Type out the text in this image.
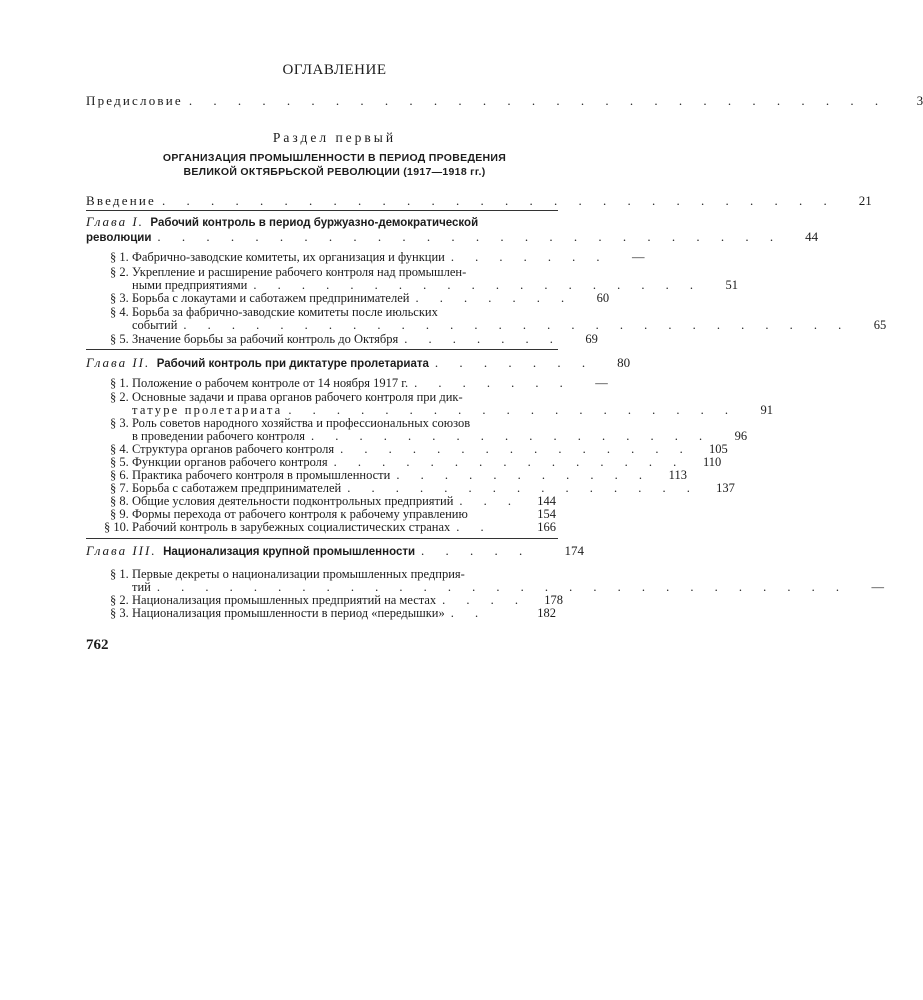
ОГЛАВЛЕНИЕ
Предисловие . . . . . . . . . . . . . . . . . . . . . . . . . . . . .	3
Раздел первый
ОРГАНИЗАЦИЯ ПРОМЫШЛЕННОСТИ В ПЕРИОД ПРОВЕДЕНИЯ
ВЕЛИКОЙ ОКТЯБРЬСКОЙ РЕВОЛЮЦИИ (1917—1918 гг.)
Введение . . . . . . . . . . . . . . . . . . . . . . . . . . . .	21
Глава I. Рабочий контроль в период буржуазно-демократической
революции . . . . . . . . . . . . . . . . . . . . . . . . . .	44
§ 1. Фабрично-заводские комитеты, их организация и функции . . . . . . .	—
§ 2. Укрепление и расширение рабочего контроля над промышлен-
ными предприятиями . . . . . . . . . . . . . . . . . . .	51
§ 3. Борьба с локаутами и саботажем предпринимателей . . . . . . .	60
§ 4. Борьба за фабрично-заводские комитеты после июльских
событий . . . . . . . . . . . . . . . . . . . . . . . . . . . .	65
§ 5. Значение борьбы за рабочий контроль до Октября . . . . . . .	69
Глава II. Рабочий контроль при диктатуре пролетариата . . . . . . .	80
§ 1. Положение о рабочем контроле от 14 ноября 1917 г. . . . . . . .	—
§ 2. Основные задачи и права органов рабочего контроля при дик-
татуре пролетариата . . . . . . . . . . . . . . . . . . .	91
§ 3. Роль советов народного хозяйства и профессиональных союзов
в проведении рабочего контроля . . . . . . . . . . . . . . . . .	96
§ 4. Структура органов рабочего контроля . . . . . . . . . . . . . . .	105
§ 5. Функции органов рабочего контроля . . . . . . . . . . . . . . .	110
§ 6. Практика рабочего контроля в промышленности . . . . . . . . . . .	113
§ 7. Борьба с саботажем предпринимателей . . . . . . . . . . . . . . .	137
§ 8. Общие условия деятельности подконтрольных предприятий . . .	144
§ 9. Формы перехода от рабочего контроля к рабочему управлению	154
§ 10. Рабочий контроль в зарубежных социалистических странах . .	166
Глава III. Национализация крупной промышленности . . . . .	174
§ 1. Первые декреты о национализации промышленных предприя-
тий . . . . . . . . . . . . . . . . . . . . . . . . . . . . .	—
§ 2. Национализация промышленных предприятий на местах . . . .	178
§ 3. Национализация промышленности в период «передышки» . .	182
762
